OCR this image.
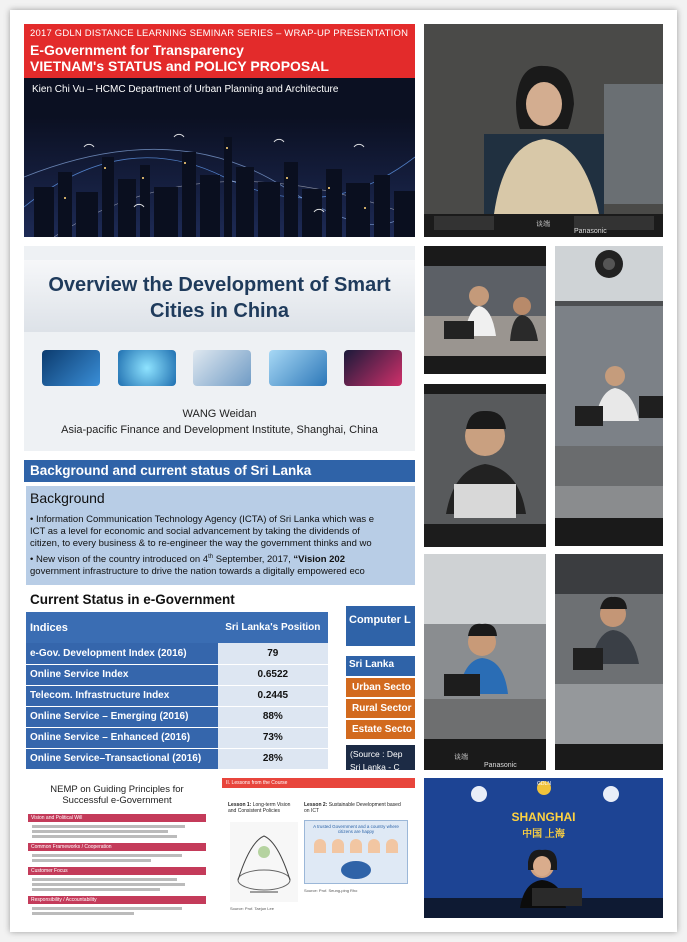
2017 GDLN DISTANCE LEARNING SEMINAR SERIES – WRAP-UP PRESENTATION
E-Government for Transparency
VIETNAM's STATUS and POLICY PROPOSAL
Kien Chi Vu – HCMC Department of Urban Planning and Architecture
谈端
Panasonic
Overview the Development of Smart Cities in China
WANG Weidan
Asia-pacific Finance and Development Institute, Shanghai, China
谈端
Panasonic
Background and current status of Sri Lanka
Background
• Information Communication Technology Agency (ICTA) of Sri Lanka which was e
ICT as a level for economic and social advancement by taking the dividends of
citizen, to every business & to re-engineer the way the government thinks and wo
• New vison of the country introduced on 4th September, 2017, “Vision 202
government infrastructure to drive the nation towards a digitally empowered eco
Current Status in e-Government
Indices	Sri Lanka's Position
e-Gov. Development Index (2016)	79
Online Service Index	0.6522
Telecom. Infrastructure Index	0.2445
Online Service – Emerging (2016)	88%
Online Service – Enhanced (2016)	73%
Online Service–Transactional (2016)	28%
Computer L
Sri Lanka
Urban Secto
Rural Sector
Estate Secto
(Source : Dep
Sri Lanka - C
NEMP on Guiding Principles for
Successful e-Government
Vision and Political Will
Common Frameworks / Cooperation
Customer Focus
Responsibility / Accountability
II. Lessons from the Course
Lesson 1: Long-term Vision and Consistent Policies
Lesson 2: Sustainable Development based on ICT
A trusted Government and a country where citizens are happy
Source: Prof. Taejun Lee
Source: Prof. Seung-ping Rho
GDLN
SHANGHAI
中国 上海
